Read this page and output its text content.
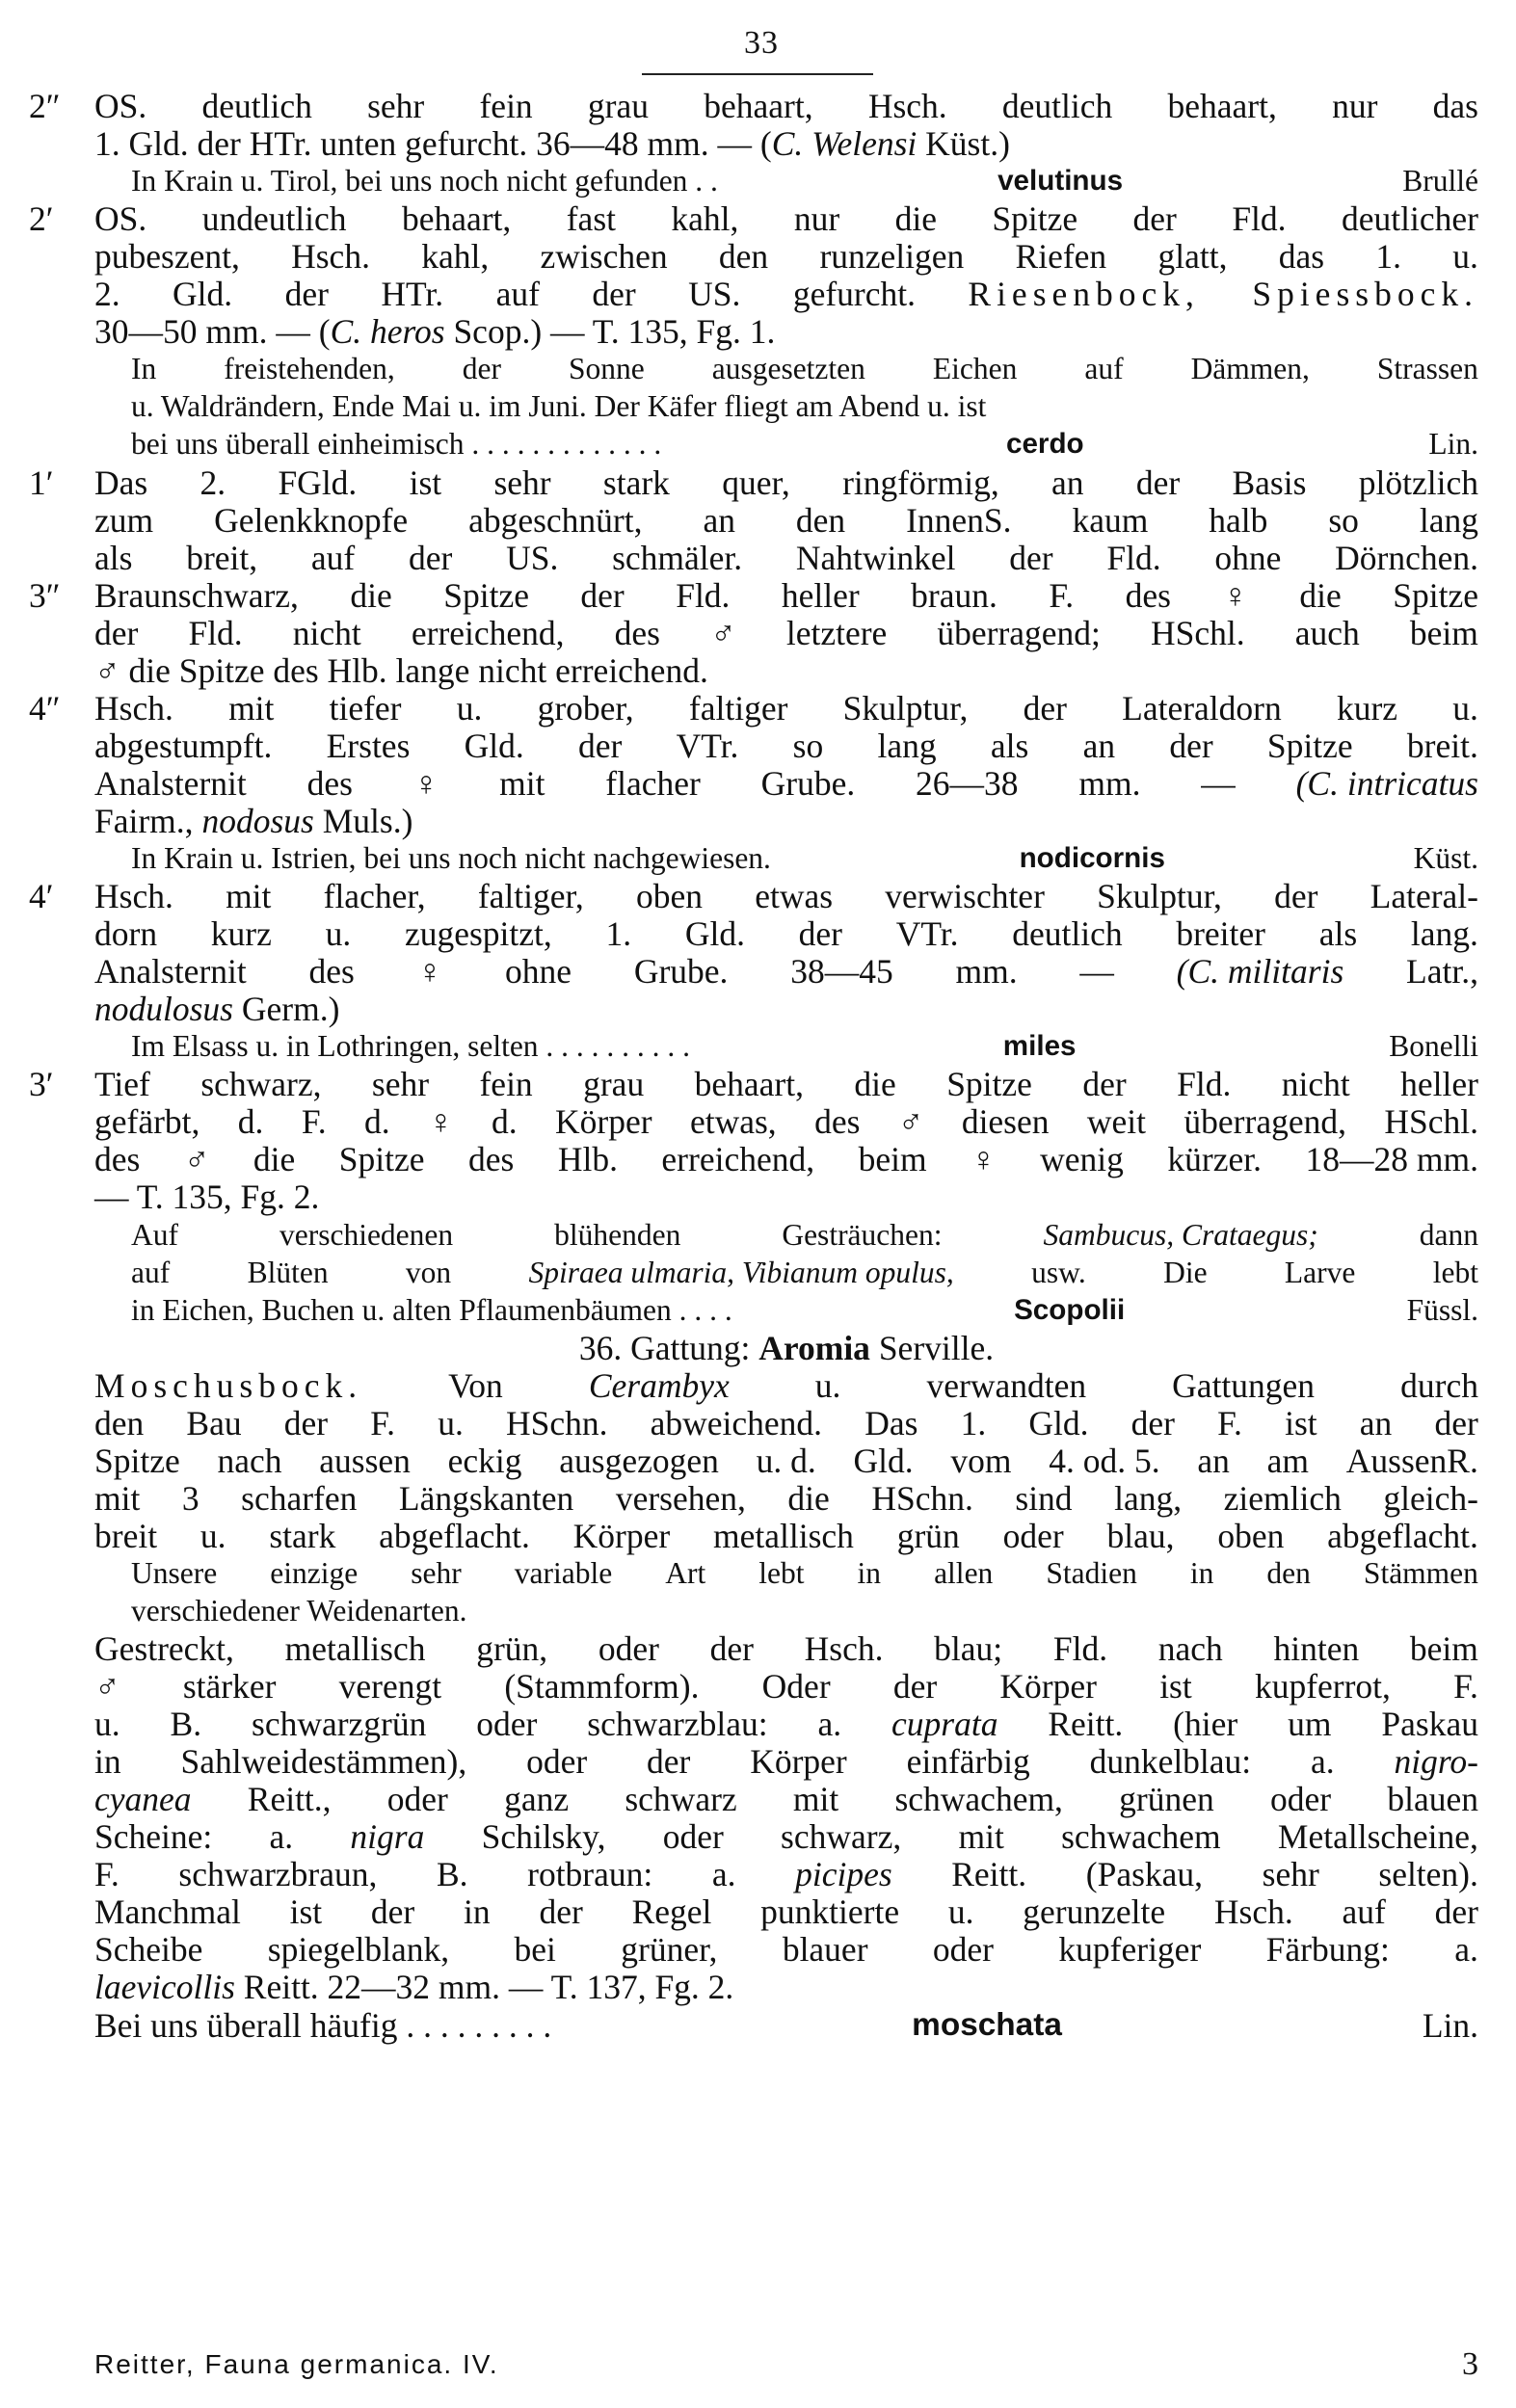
33
2″ OS. deutlich sehr fein grau behaart, Hsch. deutlich behaart, nur das
1. Gld. der HTr. unten gefurcht. 36—48 mm. — (C. Welensi Küst.)
In Krain u. Tirol, bei uns noch nicht gefunden . .	velutinus	Brullé
2′	OS. undeutlich behaart, fast kahl, nur die Spitze der Fld. deutlicher
pubeszent, Hsch. kahl, zwischen den runzeligen Riefen glatt, das 1. u.
2. Gld. der HTr. auf der US. gefurcht. Riesenbock, Spiessbock.
30—50 mm. — (C. heros Scop.) — T. 135, Fg. 1.
In freistehenden, der Sonne ausgesetzten Eichen auf Dämmen, Strassen
u. Waldrändern, Ende Mai u. im Juni. Der Käfer fliegt am Abend u. ist
bei uns überall einheimisch . . . . . . . . . . . . .	cerdo	Lin.
1′	Das 2. FGld. ist sehr stark quer, ringförmig, an der Basis plötzlich
zum Gelenkknopfe abgeschnürt, an den InnenS. kaum halb so lang
als breit, auf der US. schmäler. Nahtwinkel der Fld. ohne Dörnchen.
3″ Braunschwarz, die Spitze der Fld. heller braun. F. des ♀ die Spitze
der Fld. nicht erreichend, des ♂ letztere überragend; HSchl. auch beim
♂ die Spitze des Hlb. lange nicht erreichend.
4″ Hsch. mit tiefer u. grober, faltiger Skulptur, der Lateraldorn kurz u.
abgestumpft. Erstes Gld. der VTr. so lang als an der Spitze breit.
Analsternit des ♀ mit flacher Grube. 26—38 mm. — (C. intricatus
Fairm., nodosus Muls.)
In Krain u. Istrien, bei uns noch nicht nachgewiesen.	nodicornis	Küst.
4′	Hsch. mit flacher, faltiger, oben etwas verwischter Skulptur, der Lateral-
dorn kurz u. zugespitzt, 1. Gld. der VTr. deutlich breiter als lang.
Analsternit des ♀ ohne Grube. 38—45 mm. — (C. militaris Latr.,
nodulosus Germ.)
Im Elsass u. in Lothringen, selten . . . . . . . . . .	miles	Bonelli
3′	Tief schwarz, sehr fein grau behaart, die Spitze der Fld. nicht heller
gefärbt, d. F. d. ♀ d. Körper etwas, des ♂ diesen weit überragend, HSchl.
des ♂ die Spitze des Hlb. erreichend, beim ♀ wenig kürzer. 18—28 mm.
— T. 135, Fg. 2.
Auf	verschiedenen	blühenden	Gesträuchen:	Sambucus, Crataegus;	dann
auf	Blüten	von	Spiraea ulmaria, Vibianum opulus,	usw.	Die	Larve	lebt
in Eichen, Buchen u. alten Pflaumenbäumen . . . .	Scopolii	Füssl.
36. Gattung: Aromia Serville.
Moschusbock.	Von	Cerambyx	u.	verwandten	Gattungen	durch
den Bau der F. u. HSchn. abweichend. Das 1. Gld. der F. ist an der
Spitze nach aussen eckig ausgezogen u. d. Gld. vom 4. od. 5. an am AussenR.
mit 3 scharfen Längskanten versehen, die HSchn. sind lang, ziemlich gleich-
breit u. stark abgeflacht. Körper metallisch grün oder blau, oben abgeflacht.
Unsere einzige sehr variable Art lebt in allen Stadien in den Stämmen
verschiedener Weidenarten.
Gestreckt, metallisch grün, oder der Hsch. blau; Fld. nach hinten beim
♂ stärker verengt (Stammform). Oder der Körper ist kupferrot, F.
u. B. schwarzgrün oder schwarzblau: a. cuprata Reitt. (hier um Paskau
in Sahlweidestämmen), oder der Körper einfärbig dunkelblau: a. nigro-
cyanea Reitt., oder ganz schwarz mit schwachem, grünen oder blauen
Scheine: a. nigra Schilsky, oder schwarz, mit schwachem Metallscheine,
F. schwarzbraun, B. rotbraun: a. picipes Reitt. (Paskau, sehr selten).
Manchmal ist der in der Regel punktierte u. gerunzelte Hsch. auf der
Scheibe spiegelblank, bei grüner, blauer oder kupferiger Färbung: a.
laevicollis Reitt. 22—32 mm. — T. 137, Fg. 2.
Bei uns überall häufig . . . . . . . . .	moschata	Lin.
Reitter, Fauna germanica. IV.	3
